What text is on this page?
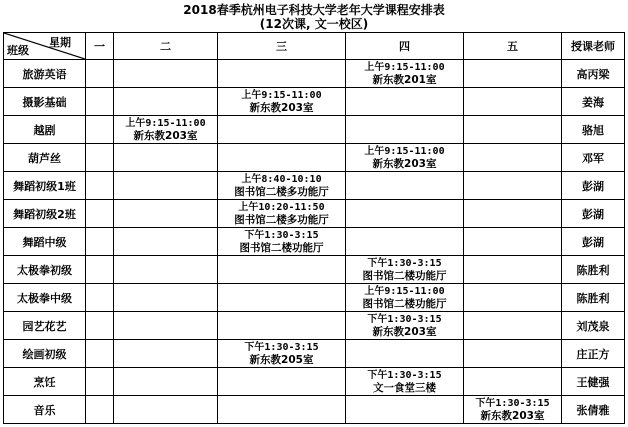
2018春季杭州电子科技大学老年大学课程安排表
(12次课, 文一校区)
星期
班级	一	二	三	四	五	授课老师
旅游英语				上午9:15-11:00
新东教201室		高丙梁
摄影基础			上午9:15-11:00
新东教203室			姜海
越剧		上午9:15-11:00
新东教203室				骆旭
葫芦丝				上午9:15-11:00
新东教203室		邓军
舞蹈初级1班			上午8:40-10:10
图书馆二楼多功能厅			彭湖
舞蹈初级2班			上午10:20-11:50
图书馆二楼多功能厅			彭湖
舞蹈中级			下午1:30-3:15
图书馆二楼功能厅			彭湖
太极拳初级				下午1:30-3:15
图书馆二楼功能厅		陈胜利
太极拳中级				上午9:15-11:00
图书馆二楼功能厅		陈胜利
园艺花艺				下午1:30-3:15
新东教203室		刘茂泉
绘画初级			下午1:30-3:15
新东教205室			庄正方
烹饪				下午1:30-3:15
文一食堂三楼		王健强
音乐					下午1:30-3:15
新东教203室	张倩雅
